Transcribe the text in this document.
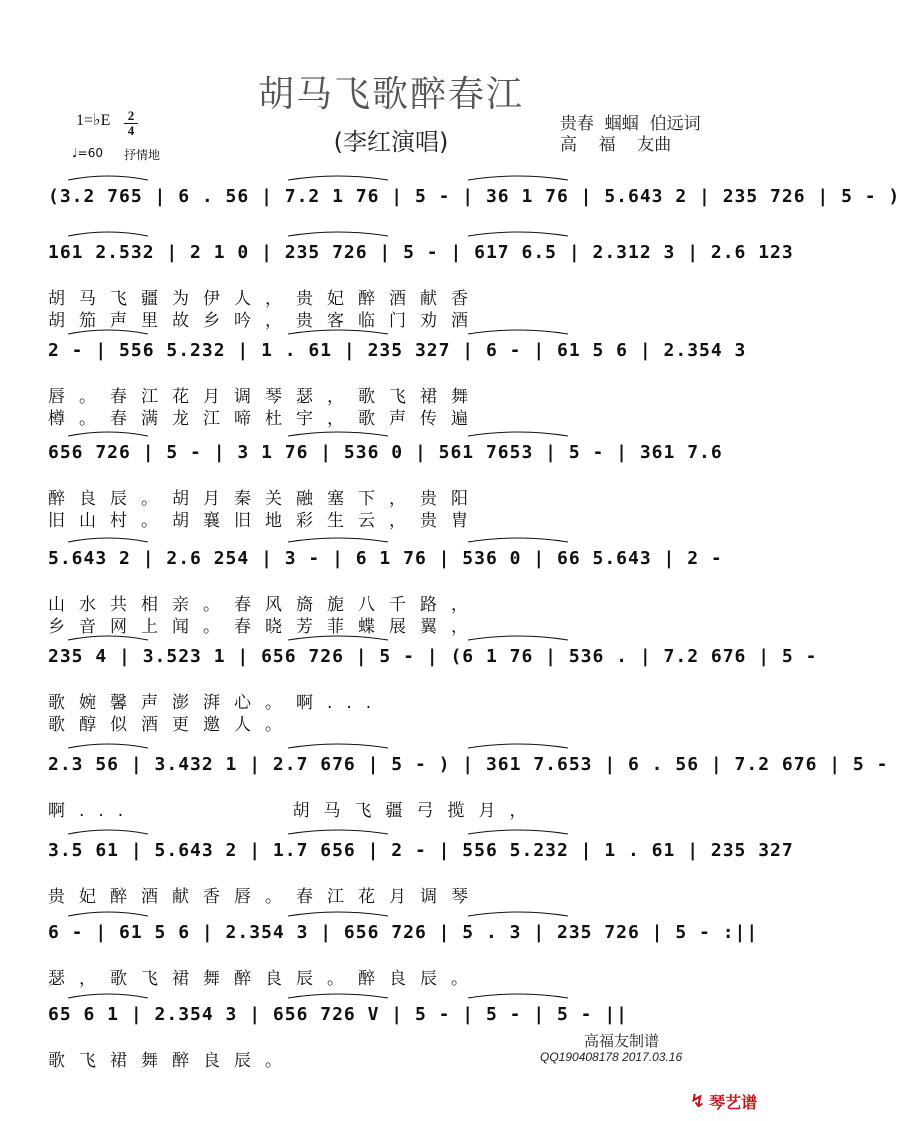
胡马飞歌醉春江
(李红演唱)
1=♭E 2
4
♩=60 抒情地
贵春  蝈蝈  伯远词
高    福    友曲
(3.2 765 | 6 . 56 | 7.2 1 76 | 5 - | 36 1 76 | 5.643 2 | 235 726 | 5 - )
161 2.532 | 2 1 0 | 235 726 | 5 - | 617 6.5 | 2.312 3 | 2.6 123
胡马飞疆为伊人，贵妃醉酒献香
胡笳声里故乡吟，贵客临门劝酒
2 - | 556 5.232 | 1 . 61 | 235 327 | 6 - | 61 5 6 | 2.354 3
唇。春江花月调琴瑟，歌飞裙舞
樽。春满龙江啼杜宇，歌声传遍
656 726 | 5 - | 3 1 76 | 536 0 | 561 7653 | 5 - | 361 7.6
醉良辰。胡月秦关融塞下，贵阳
旧山村。胡襄旧地彩生云，贵胄
5.643 2 | 2.6 254 | 3 - | 6 1 76 | 536 0 | 66 5.643 | 2 -
山水共相亲。春风旖旎八千路，
乡音网上闻。春晓芳菲蝶展翼，
235 4 | 3.523 1 | 656 726 | 5 - | (6 1 76 | 536 . | 7.2 676 | 5 -
歌婉馨声澎湃心。啊...
歌醇似酒更邀人。
2.3 56 | 3.432 1 | 2.7 676 | 5 - ) | 361 7.653 | 6 . 56 | 7.2 676 | 5 -
啊...        胡马飞疆弓揽月，
3.5 61 | 5.643 2 | 1.7 656 | 2 - | 556 5.232 | 1 . 61 | 235 327
贵妃醉酒献香唇。春江花月调琴
6 - | 61 5 6 | 2.354 3 | 656 726 | 5 . 3 | 235 726 | 5 - :||
瑟，歌飞裙舞醉良辰。醉良辰。
65 6 1 | 2.354 3 | 656 726 V | 5 - | 5 - | 5 - ||
歌飞裙舞醉良辰。
高福友制谱
QQ190408178 2017.03.16
↯ 琴艺谱
